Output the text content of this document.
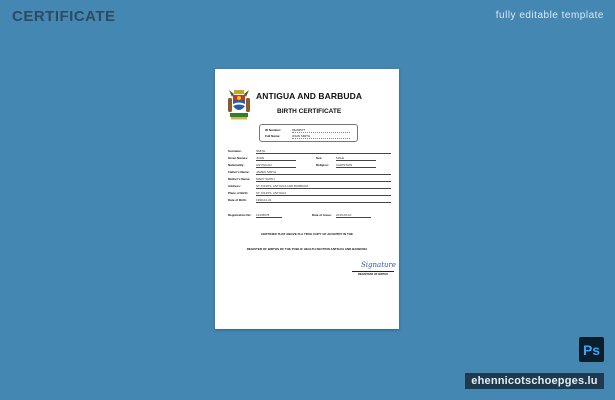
CERTIFICATE	fully editable template
ANTIGUA AND BARBUDA
BIRTH CERTIFICATE
ID Number:	33294577
Full Name:	JOHN SMITH
Surname:	SMITH
Given Names:	JOHN	Sex:	MALE
Nationality:	ANTIGUAN	Religion: CHRISTIAN
Father's Name: JAMES SMITH
Mother's Name: MARY SMITH
Address:	ST JOHN'S, ANTIGUA AND BARBUDA
Place of Birth:	ST JOHN'S, ANTIGUA
Date of Birth:	1990-01-01
Registration No: 12345678	Date of Issue: 2015-05-10
CERTIFIED THAT ABOVE IS A TRUE COPY OF AN ENTRY IN THE
REGISTER OF BIRTHS OF THE PUBLIC HEALTH SECTION ANTIGUA AND BARBUDA
Signature
REGISTRAR OF BIRTHS
Ps
ehennicotschoepges.lu
